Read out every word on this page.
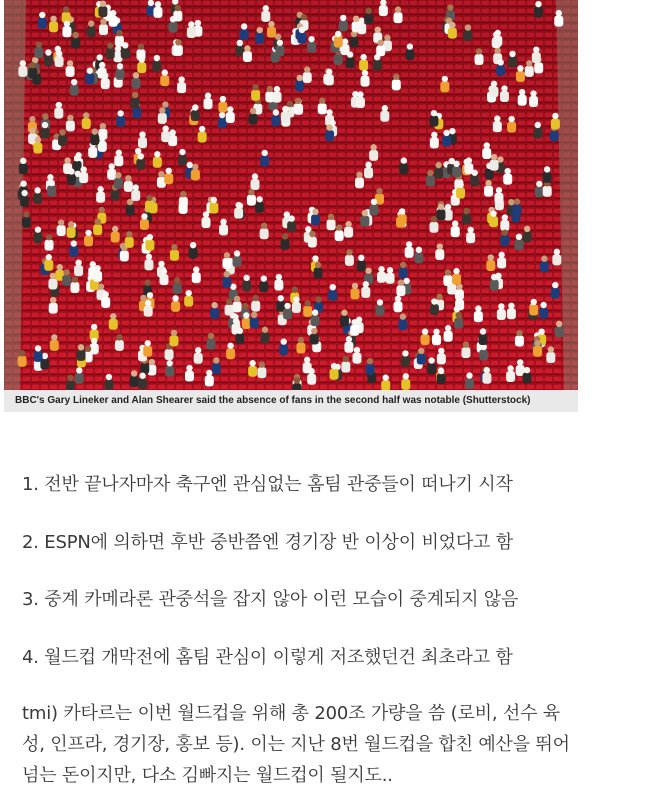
BBC's Gary Lineker and Alan Shearer said the absence of fans in the second half was notable (Shutterstock)

1. 전반 끝나자마자 축구엔 관심없는 홈팀 관중들이 떠나기 시작

2. ESPN에 의하면 후반 중반쯤엔 경기장 반 이상이 비었다고 함

3. 중계 카메라론 관중석을 잡지 않아 이런 모습이 중계되지 않음

4. 월드컵 개막전에 홈팀 관심이 이렇게 저조했던건 최초라고 함

tmi) 카타르는 이번 월드컵을 위해 총 200조 가량을 씀 (로비, 선수 육
성, 인프라, 경기장, 홍보 등). 이는 지난 8번 월드컵을 합친 예산을 뛰어
넘는 돈이지만, 다소 김빠지는 월드컵이 될지도..
